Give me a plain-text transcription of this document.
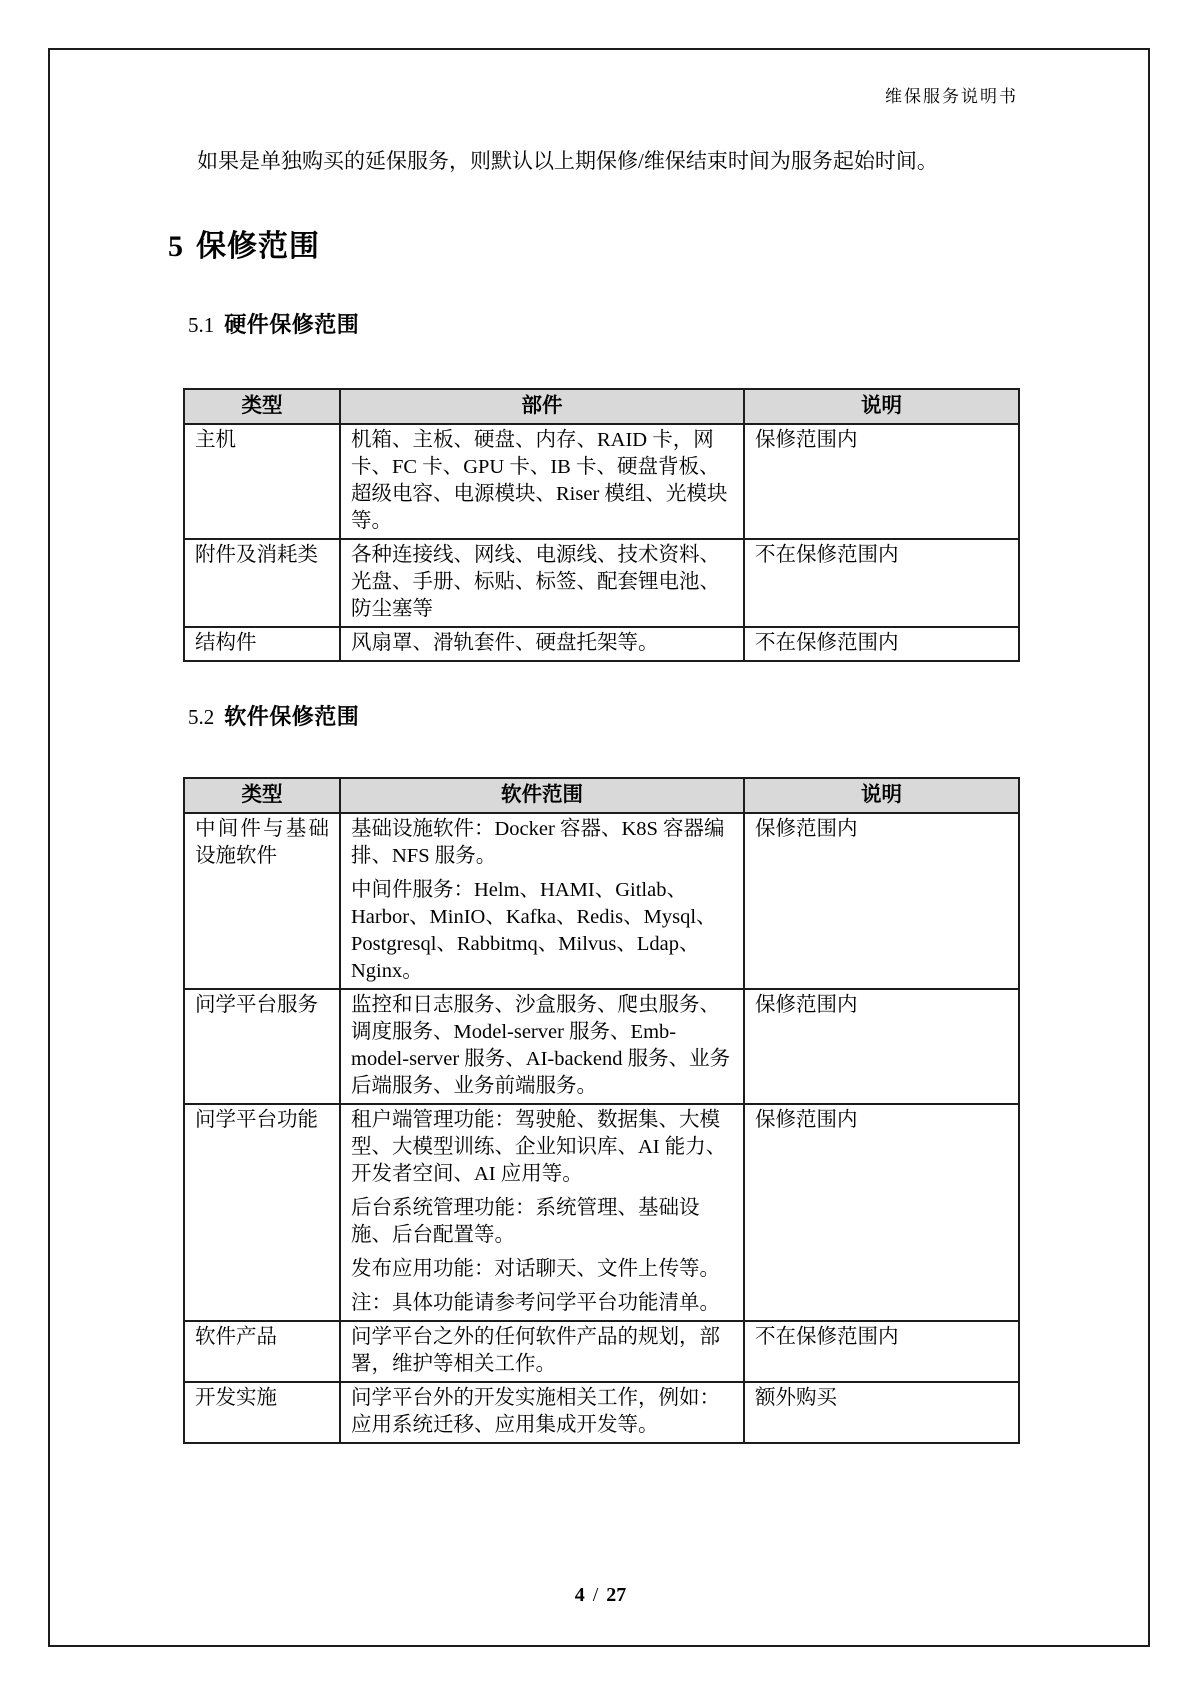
维保服务说明书

如果是单独购买的延保服务，则默认以上期保修/维保结束时间为服务起始时间。

5 保修范围
5.1 硬件保修范围
类型	部件	说明
主机	机箱、主板、硬盘、内存、RAID 卡，网卡、FC 卡、GPU 卡、IB 卡、硬盘背板、超级电容、电源模块、Riser 模组、光模块等。	保修范围内
附件及消耗类	各种连接线、网线、电源线、技术资料、光盘、手册、标贴、标签、配套锂电池、防尘塞等	不在保修范围内
结构件	风扇罩、滑轨套件、硬盘托架等。	不在保修范围内
5.2 软件保修范围
类型	软件范围	说明
中间件与基础设施软件	基础设施软件：Docker 容器、K8S 容器编排、NFS 服务。
中间件服务：Helm、HAMI、Gitlab、Harbor、MinIO、Kafka、Redis、Mysql、Postgresql、Rabbitmq、Milvus、Ldap、Nginx。	保修范围内
问学平台服务	监控和日志服务、沙盒服务、爬虫服务、调度服务、Model-server 服务、Emb-model-server 服务、AI-backend 服务、业务后端服务、业务前端服务。	保修范围内
问学平台功能	租户端管理功能：驾驶舱、数据集、大模型、大模型训练、企业知识库、AI 能力、开发者空间、AI 应用等。
后台系统管理功能：系统管理、基础设施、后台配置等。
发布应用功能：对话聊天、文件上传等。
注：具体功能请参考问学平台功能清单。	保修范围内
软件产品	问学平台之外的任何软件产品的规划，部署，维护等相关工作。	不在保修范围内
开发实施	问学平台外的开发实施相关工作，例如：应用系统迁移、应用集成开发等。	额外购买

4 / 27
